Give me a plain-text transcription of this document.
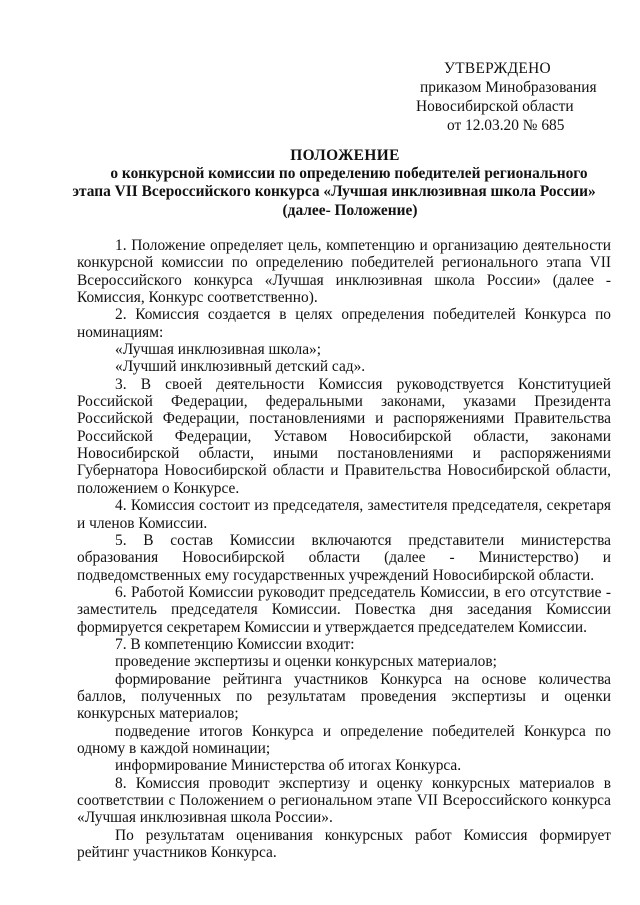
УТВЕРЖДЕНО
приказом Минобразования
Новосибирской области
от 12.03.20 № 685
ПОЛОЖЕНИЕ
о конкурсной комиссии по определению победителей регионального
этапа VII Всероссийского конкурса «Лучшая инклюзивная школа России»
(далее- Положение)

1. Положение определяет цель, компетенцию и организацию деятельности конкурсной комиссии по определению победителей регионального этапа VII Всероссийского конкурса «Лучшая инклюзивная школа России» (далее - Комиссия, Конкурс соответственно).

2. Комиссия создается в целях определения победителей Конкурса по номинациям:

«Лучшая инклюзивная школа»;

«Лучший инклюзивный детский сад».

3. В своей деятельности Комиссия руководствуется Конституцией Российской Федерации, федеральными законами, указами Президента Российской Федерации, постановлениями и распоряжениями Правительства Российской Федерации, Уставом Новосибирской области, законами Новосибирской области, иными постановлениями и распоряжениями Губернатора Новосибирской области и Правительства Новосибирской области, положением о Конкурсе.

4. Комиссия состоит из председателя, заместителя председателя, секретаря и членов Комиссии.

5. В состав Комиссии включаются представители министерства образования Новосибирской области (далее - Министерство) и подведомственных ему государственных учреждений Новосибирской области.

6. Работой Комиссии руководит председатель Комиссии, в его отсутствие - заместитель председателя Комиссии. Повестка дня заседания Комиссии формируется секретарем Комиссии и утверждается председателем Комиссии.

7. В компетенцию Комиссии входит:

проведение экспертизы и оценки конкурсных материалов;

формирование рейтинга участников Конкурса на основе количества баллов, полученных по результатам проведения экспертизы и оценки конкурсных материалов;

подведение итогов Конкурса и определение победителей Конкурса по одному в каждой номинации;

информирование Министерства об итогах Конкурса.

8. Комиссия проводит экспертизу и оценку конкурсных материалов в соответствии с Положением о региональном этапе VII Всероссийского конкурса «Лучшая инклюзивная школа России».

По результатам оценивания конкурсных работ Комиссия формирует рейтинг участников Конкурса.
